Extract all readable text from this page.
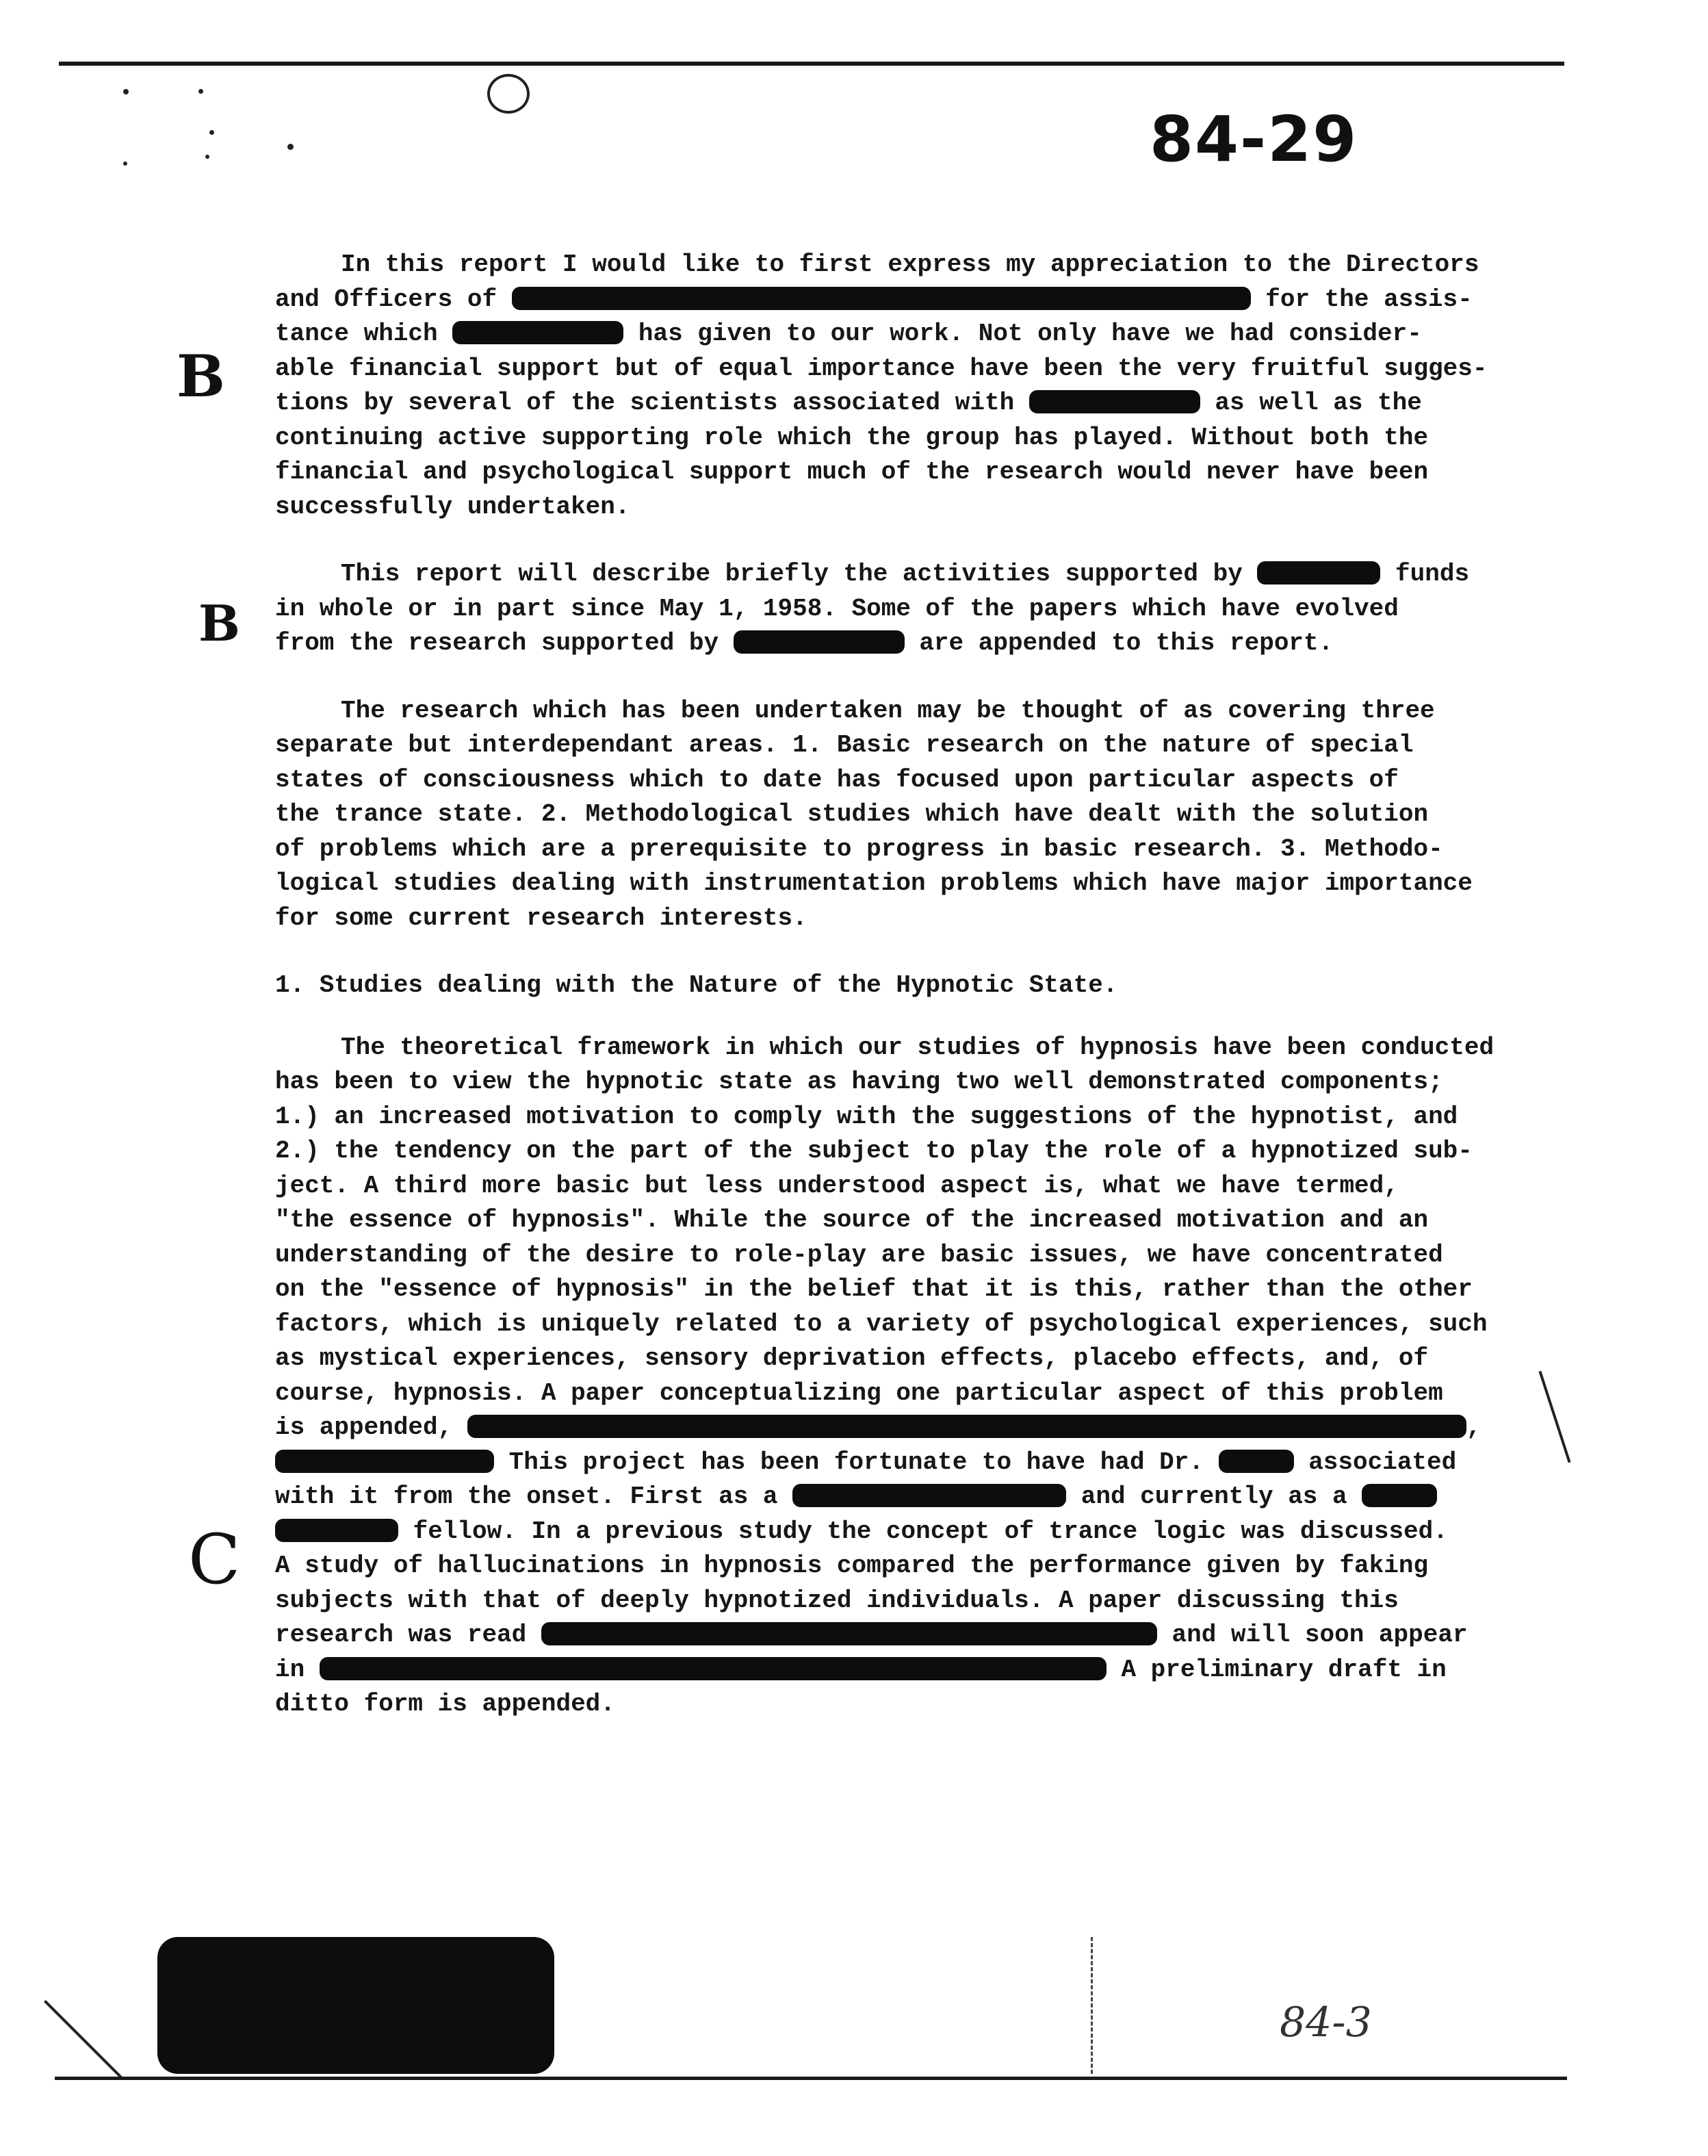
84-29
B
B
C

In this report I would like to first express my appreciation to the Directors
and Officers of	for the assis-
tance which	has given to our work. Not only have we had consider-
able financial support but of equal importance have been the very fruitful sugges-
tions by several of the scientists associated with	as well as the
continuing active supporting role which the group has played. Without both the
financial and psychological support much of the research would never have been
successfully undertaken.

This report will describe briefly the activities supported by	funds
in whole or in part since May 1, 1958. Some of the papers which have evolved
from the research supported by	are appended to this report.

The research which has been undertaken may be thought of as covering three
separate but interdependant areas. 1. Basic research on the nature of special
states of consciousness which to date has focused upon particular aspects of
the trance state. 2. Methodological studies which have dealt with the solution
of problems which are a prerequisite to progress in basic research. 3. Methodo-
logical studies dealing with instrumentation problems which have major importance
for some current research interests.

1. Studies dealing with the Nature of the Hypnotic State.

The theoretical framework in which our studies of hypnosis have been conducted
has been to view the hypnotic state as having two well demonstrated components;
1.) an increased motivation to comply with the suggestions of the hypnotist, and
2.) the tendency on the part of the subject to play the role of a hypnotized sub-
ject. A third more basic but less understood aspect is, what we have termed,
"the essence of hypnosis". While the source of the increased motivation and an
understanding of the desire to role-play are basic issues, we have concentrated
on the "essence of hypnosis" in the belief that it is this, rather than the other
factors, which is uniquely related to a variety of psychological experiences, such
as mystical experiences, sensory deprivation effects, placebo effects, and, of
course, hypnosis. A paper conceptualizing one particular aspect of this problem
is appended,	,
This project has been fortunate to have had Dr.	associated
with it from the onset. First as a	and currently as a
fellow. In a previous study the concept of trance logic was discussed.
A study of hallucinations in hypnosis compared the performance given by faking
subjects with that of deeply hypnotized individuals. A paper discussing this
research was read	and will soon appear
in	A preliminary draft in
ditto form is appended.

84-3
